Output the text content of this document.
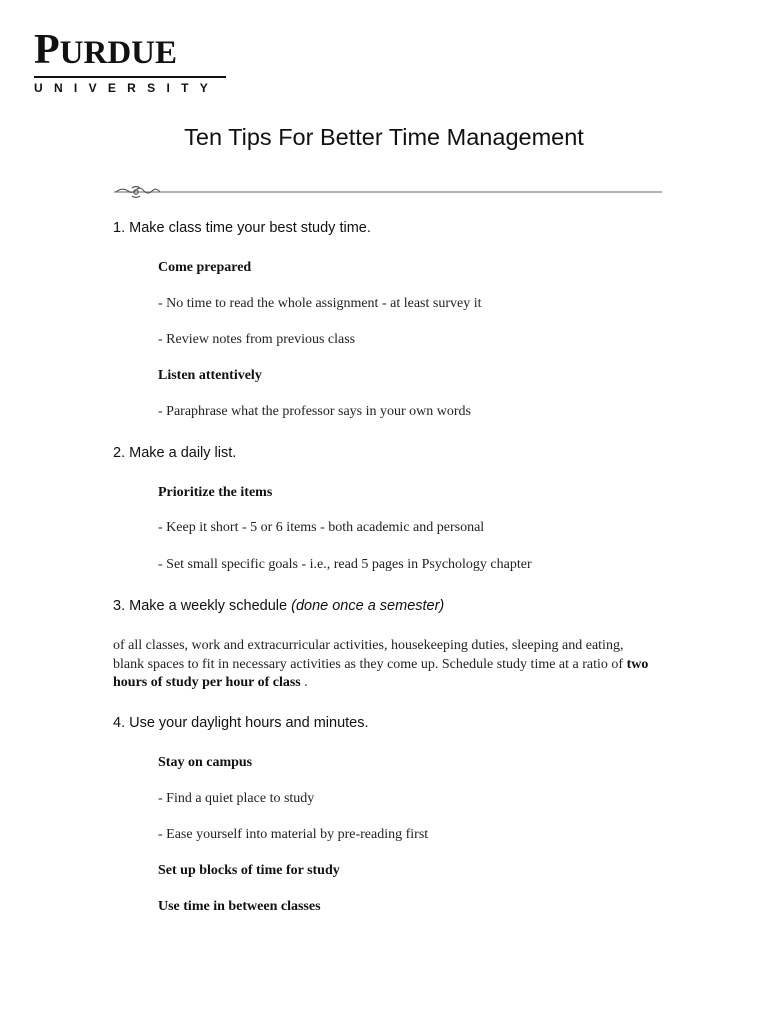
PURDUE
UNIVERSITY
Ten Tips For Better Time Management
1. Make class time your best study time.
Come prepared
- No time to read the whole assignment - at least survey it
- Review notes from previous class
Listen attentively
- Paraphrase what the professor says in your own words
2. Make a daily list.
Prioritize the items
- Keep it short - 5 or 6 items - both academic and personal
- Set small specific goals - i.e., read 5 pages in Psychology chapter
3. Make a weekly schedule (done once a semester)
of all classes, work and extracurricular activities, housekeeping duties, sleeping and eating, blank spaces to fit in necessary activities as they come up. Schedule study time at a ratio of two hours of study per hour of class .
4. Use your daylight hours and minutes.
Stay on campus
- Find a quiet place to study
- Ease yourself into material by pre-reading first
Set up blocks of time for study
Use time in between classes
